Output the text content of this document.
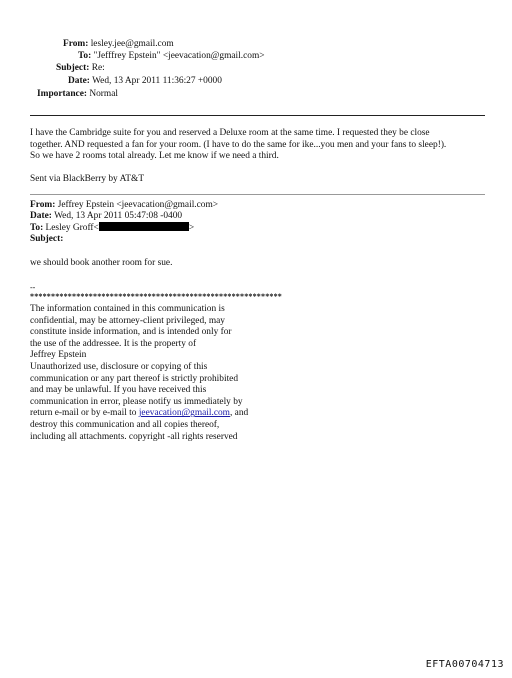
From: lesley.jee@gmail.com
To: "Jefffrey Epstein" <jeevacation@gmail.com>
Subject: Re:
Date: Wed, 13 Apr 2011 11:36:27 +0000
Importance: Normal
I have the Cambridge suite for you and reserved a Deluxe room at the same time. I requested they be close
together. AND requested a fan for your room. (I have to do the same for ike...you men and your fans to sleep!).
So we have 2 rooms total already. Let me know if we need a third.
Sent via BlackBerry by AT&T
From: Jeffrey Epstein <jeevacation@gmail.com>
Date: Wed, 13 Apr 2011 05:47:08 -0400
To: Lesley Groff<	>
Subject:
we should book another room for sue.
--
************************************************************
The information contained in this communication is
confidential, may be attorney-client privileged, may
constitute inside information, and is intended only for
the use of the addressee. It is the property of
Jeffrey Epstein
Unauthorized use, disclosure or copying of this
communication or any part thereof is strictly prohibited
and may be unlawful. If you have received this
communication in error, please notify us immediately by
return e-mail or by e-mail to jeevacation@gmail.com, and
destroy this communication and all copies thereof,
including all attachments. copyright -all rights reserved
EFTA00704713
